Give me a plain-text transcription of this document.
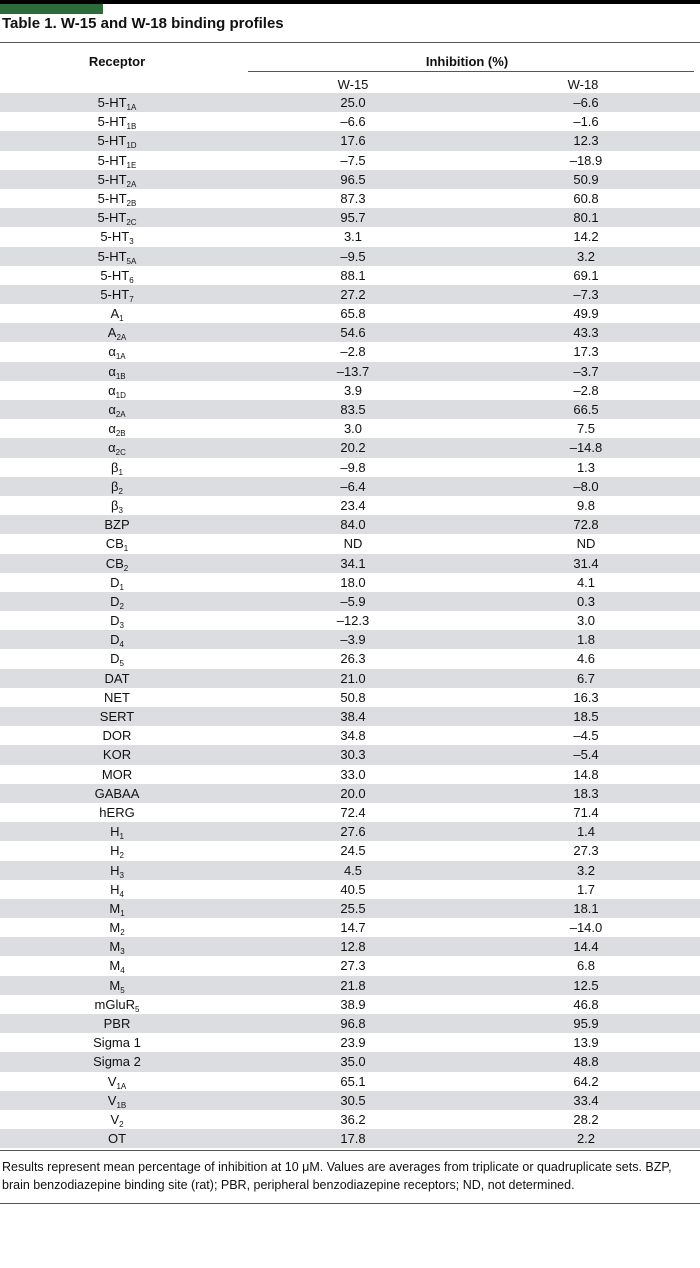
Table 1. W-15 and W-18 binding profiles
Receptor	Inhibition (%)
W-15	W-18
$5-HT_{1A}$	25.0	–6.6
$5-HT_{1B}$	–6.6	–1.6
$5-HT_{1D}$	17.6	12.3
$5-HT_{1E}$	–7.5	–18.9
$5-HT_{2A}$	96.5	50.9
$5-HT_{2B}$	87.3	60.8
$5-HT_{2C}$	95.7	80.1
$5-HT_3$	3.1	14.2
$5-HT_{5A}$	–9.5	3.2
$5-HT_6$	88.1	69.1
$5-HT_7$	27.2	–7.3
$A_1$	65.8	49.9
$A_{2A}$	54.6	43.3
$\alpha_{1A}$	–2.8	17.3
$\alpha_{1B}$	–13.7	–3.7
$\alpha_{1D}$	3.9	–2.8
$\alpha_{2A}$	83.5	66.5
$\alpha_{2B}$	3.0	7.5
$\alpha_{2C}$	20.2	–14.8
$\beta_1$	–9.8	1.3
$\beta_2$	–6.4	–8.0
$\beta_3$	23.4	9.8
BZP	84.0	72.8
$CB_1$	ND	ND
$CB_2$	34.1	31.4
$D_1$	18.0	4.1
$D_2$	–5.9	0.3
$D_3$	–12.3	3.0
$D_4$	–3.9	1.8
$D_5$	26.3	4.6
DAT	21.0	6.7
NET	50.8	16.3
SERT	38.4	18.5
DOR	34.8	–4.5
KOR	30.3	–5.4
MOR	33.0	14.8
GABAA	20.0	18.3
hERG	72.4	71.4
$H_1$	27.6	1.4
$H_2$	24.5	27.3
$H_3$	4.5	3.2
$H_4$	40.5	1.7
$M_1$	25.5	18.1
$M_2$	14.7	–14.0
$M_3$	12.8	14.4
$M_4$	27.3	6.8
$M_5$	21.8	12.5
mGluR$_5$	38.9	46.8
PBR	96.8	95.9
Sigma 1	23.9	13.9
Sigma 2	35.0	48.8
$V_{1A}$	65.1	64.2
$V_{1B}$	30.5	33.4
$V_2$	36.2	28.2
OT	17.8	2.2
Results represent mean percentage of inhibition at 10 μM. Values are averages from triplicate or quadruplicate sets. BZP, brain benzodiazepine binding site (rat); PBR, peripheral benzodiazepine receptors; ND, not determined.
